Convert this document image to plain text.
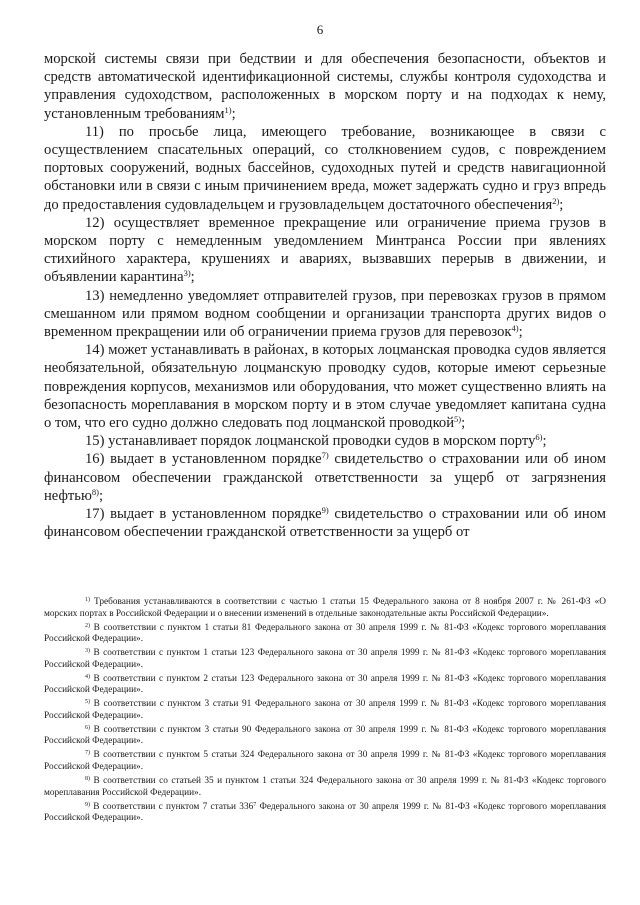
6

морской системы связи при бедствии и для обеспечения безопасности, объектов и средств автоматической идентификационной системы, службы контроля судоходства и управления судоходством, расположенных в морском порту и на подходах к нему, установленным требованиям$^{1)}$;

11) по просьбе лица, имеющего требование, возникающее в связи с осуществлением спасательных операций, со столкновением судов, с повреждением портовых сооружений, водных бассейнов, судоходных путей и средств навигационной обстановки или в связи с иным причинением вреда, может задержать судно и груз впредь до предоставления судовладельцем и грузовладельцем достаточного обеспечения$^{2)}$;

12) осуществляет временное прекращение или ограничение приема грузов в морском порту с немедленным уведомлением Минтранса России при явлениях стихийного характера, крушениях и авариях, вызвавших перерыв в движении, и объявлении карантина$^{3)}$;

13) немедленно уведомляет отправителей грузов, при перевозках грузов в прямом смешанном или прямом водном сообщении и организации транспорта других видов о временном прекращении или об ограничении приема грузов для перевозок$^{4)}$;

14) может устанавливать в районах, в которых лоцманская проводка судов является необязательной, обязательную лоцманскую проводку судов, которые имеют серьезные повреждения корпусов, механизмов или оборудования, что может существенно влиять на безопасность мореплавания в морском порту и в этом случае уведомляет капитана судна о том, что его судно должно следовать под лоцманской проводкой$^{5)}$;

15) устанавливает порядок лоцманской проводки судов в морском порту$^{6)}$;

16) выдает в установленном порядке$^{7)}$ свидетельство о страховании или об ином финансовом обеспечении гражданской ответственности за ущерб от загрязнения нефтью$^{8)}$;

17) выдает в установленном порядке$^{9)}$ свидетельство о страховании или об ином финансовом обеспечении гражданской ответственности за ущерб от

$^{1)}$ Требования устанавливаются в соответствии с частью 1 статьи 15 Федерального закона от 8 ноября 2007 г. № 261-ФЗ «О морских портах в Российской Федерации и о внесении изменений в отдельные законодательные акты Российской Федерации».

$^{2)}$ В соответствии с пунктом 1 статьи 81 Федерального закона от 30 апреля 1999 г. № 81-ФЗ «Кодекс торгового мореплавания Российской Федерации».

$^{3)}$ В соответствии с пунктом 1 статьи 123 Федерального закона от 30 апреля 1999 г. № 81-ФЗ «Кодекс торгового мореплавания Российской Федерации».

$^{4)}$ В соответствии с пунктом 2 статьи 123 Федерального закона от 30 апреля 1999 г. № 81-ФЗ «Кодекс торгового мореплавания Российской Федерации».

$^{5)}$ В соответствии с пунктом 3 статьи 91 Федерального закона от 30 апреля 1999 г. № 81-ФЗ «Кодекс торгового мореплавания Российской Федерации».

$^{6)}$ В соответствии с пунктом 3 статьи 90 Федерального закона от 30 апреля 1999 г. № 81-ФЗ «Кодекс торгового мореплавания Российской Федерации».

$^{7)}$ В соответствии с пунктом 5 статьи 324 Федерального закона от 30 апреля 1999 г. № 81-ФЗ «Кодекс торгового мореплавания Российской Федерации».

$^{8)}$ В соответствии со статьей 35 и пунктом 1 статьи 324 Федерального закона от 30 апреля 1999 г. № 81-ФЗ «Кодекс торгового мореплавания Российской Федерации».

$^{9)}$ В соответствии с пунктом 7 статьи $336^7$ Федерального закона от 30 апреля 1999 г. № 81-ФЗ «Кодекс торгового мореплавания Российской Федерации».
